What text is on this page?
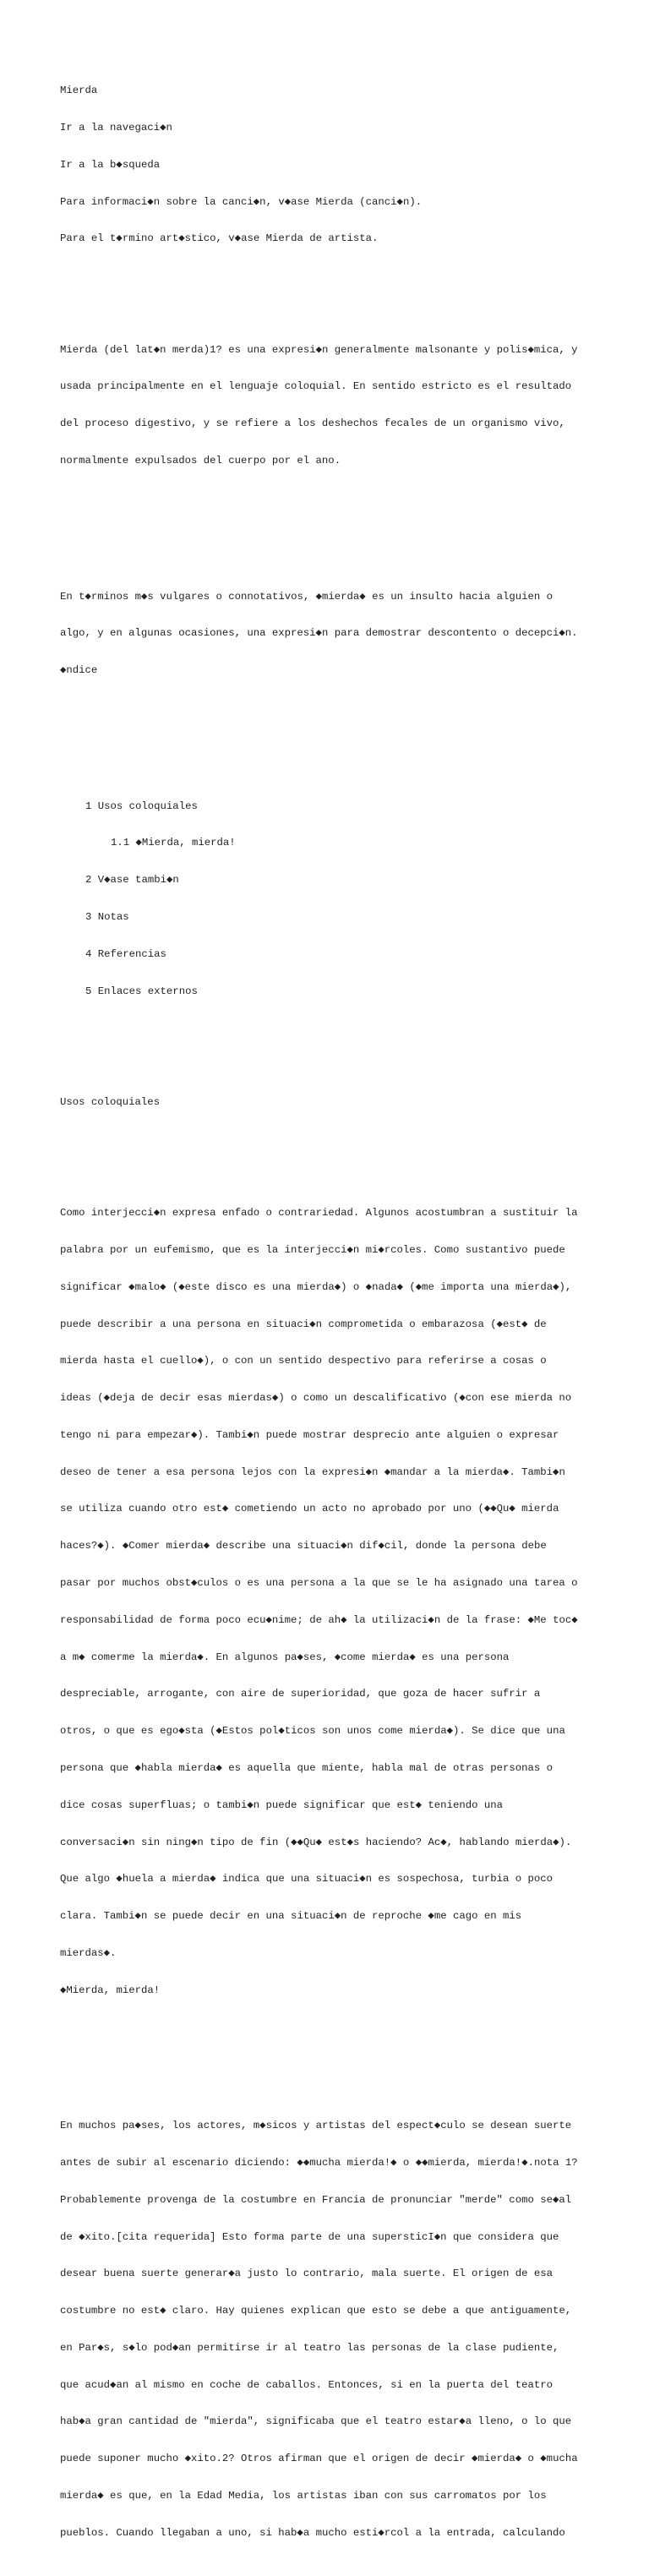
Mierda

Ir a la navegaci◆n

Ir a la b◆squeda

Para informaci◆n sobre la canci◆n, v◆ase Mierda (canci◆n).

Para el t◆rmino art◆stico, v◆ase Mierda de artista.

Mierda (del lat◆n merda)1? es una expresi◆n generalmente malsonante y polis◆mica, y

usada principalmente en el lenguaje coloquial. En sentido estricto es el resultado

del proceso digestivo, y se refiere a los deshechos fecales de un organismo vivo,

normalmente expulsados del cuerpo por el ano.

En t◆rminos m◆s vulgares o connotativos, ◆mierda◆ es un insulto hacia alguien o

algo, y en algunas ocasiones, una expresi◆n para demostrar descontento o decepci◆n.

◆ndice

1 Usos coloquiales

1.1 ◆Mierda, mierda!

2 V◆ase tambi◆n

3 Notas

4 Referencias

5 Enlaces externos

Usos coloquiales

Como interjecci◆n expresa enfado o contrariedad. Algunos acostumbran a sustituir la

palabra por un eufemismo, que es la interjecci◆n mi◆rcoles. Como sustantivo puede

significar ◆malo◆ (◆este disco es una mierda◆) o ◆nada◆ (◆me importa una mierda◆),

puede describir a una persona en situaci◆n comprometida o embarazosa (◆est◆ de

mierda hasta el cuello◆), o con un sentido despectivo para referirse a cosas o

ideas (◆deja de decir esas mierdas◆) o como un descalificativo (◆con ese mierda no

tengo ni para empezar◆). Tambi◆n puede mostrar desprecio ante alguien o expresar

deseo de tener a esa persona lejos con la expresi◆n ◆mandar a la mierda◆. Tambi◆n

se utiliza cuando otro est◆ cometiendo un acto no aprobado por uno (◆◆Qu◆ mierda

haces?◆). ◆Comer mierda◆ describe una situaci◆n dif◆cil, donde la persona debe

pasar por muchos obst◆culos o es una persona a la que se le ha asignado una tarea o

responsabilidad de forma poco ecu◆nime; de ah◆ la utilizaci◆n de la frase: ◆Me toc◆

a m◆ comerme la mierda◆. En algunos pa◆ses, ◆come mierda◆ es una persona

despreciable, arrogante, con aire de superioridad, que goza de hacer sufrir a

otros, o que es ego◆sta (◆Estos pol◆ticos son unos come mierda◆). Se dice que una

persona que ◆habla mierda◆ es aquella que miente, habla mal de otras personas o

dice cosas superfluas; o tambi◆n puede significar que est◆ teniendo una

conversaci◆n sin ning◆n tipo de fin (◆◆Qu◆ est◆s haciendo? Ac◆, hablando mierda◆).

Que algo ◆huela a mierda◆ indica que una situaci◆n es sospechosa, turbia o poco

clara. Tambi◆n se puede decir en una situaci◆n de reproche ◆me cago en mis

mierdas◆.

◆Mierda, mierda!

En muchos pa◆ses, los actores, m◆sicos y artistas del espect◆culo se desean suerte

antes de subir al escenario diciendo: ◆◆mucha mierda!◆ o ◆◆mierda, mierda!◆.nota 1?

Probablemente provenga de la costumbre en Francia de pronunciar "merde" como se◆al

de ◆xito.[cita requerida] Esto forma parte de una supersticI◆n que considera que

desear buena suerte generar◆a justo lo contrario, mala suerte. El origen de esa

costumbre no est◆ claro. Hay quienes explican que esto se debe a que antiguamente,

en Par◆s, s◆lo pod◆an permitirse ir al teatro las personas de la clase pudiente,

que acud◆an al mismo en coche de caballos. Entonces, si en la puerta del teatro

hab◆a gran cantidad de "mierda", significaba que el teatro estar◆a lleno, o lo que

puede suponer mucho ◆xito.2? Otros afirman que el origen de decir ◆mierda◆ o ◆mucha

mierda◆ es que, en la Edad Media, los artistas iban con sus carromatos por los

pueblos. Cuando llegaban a uno, si hab◆a mucho esti◆rcol a la entrada, calculando
